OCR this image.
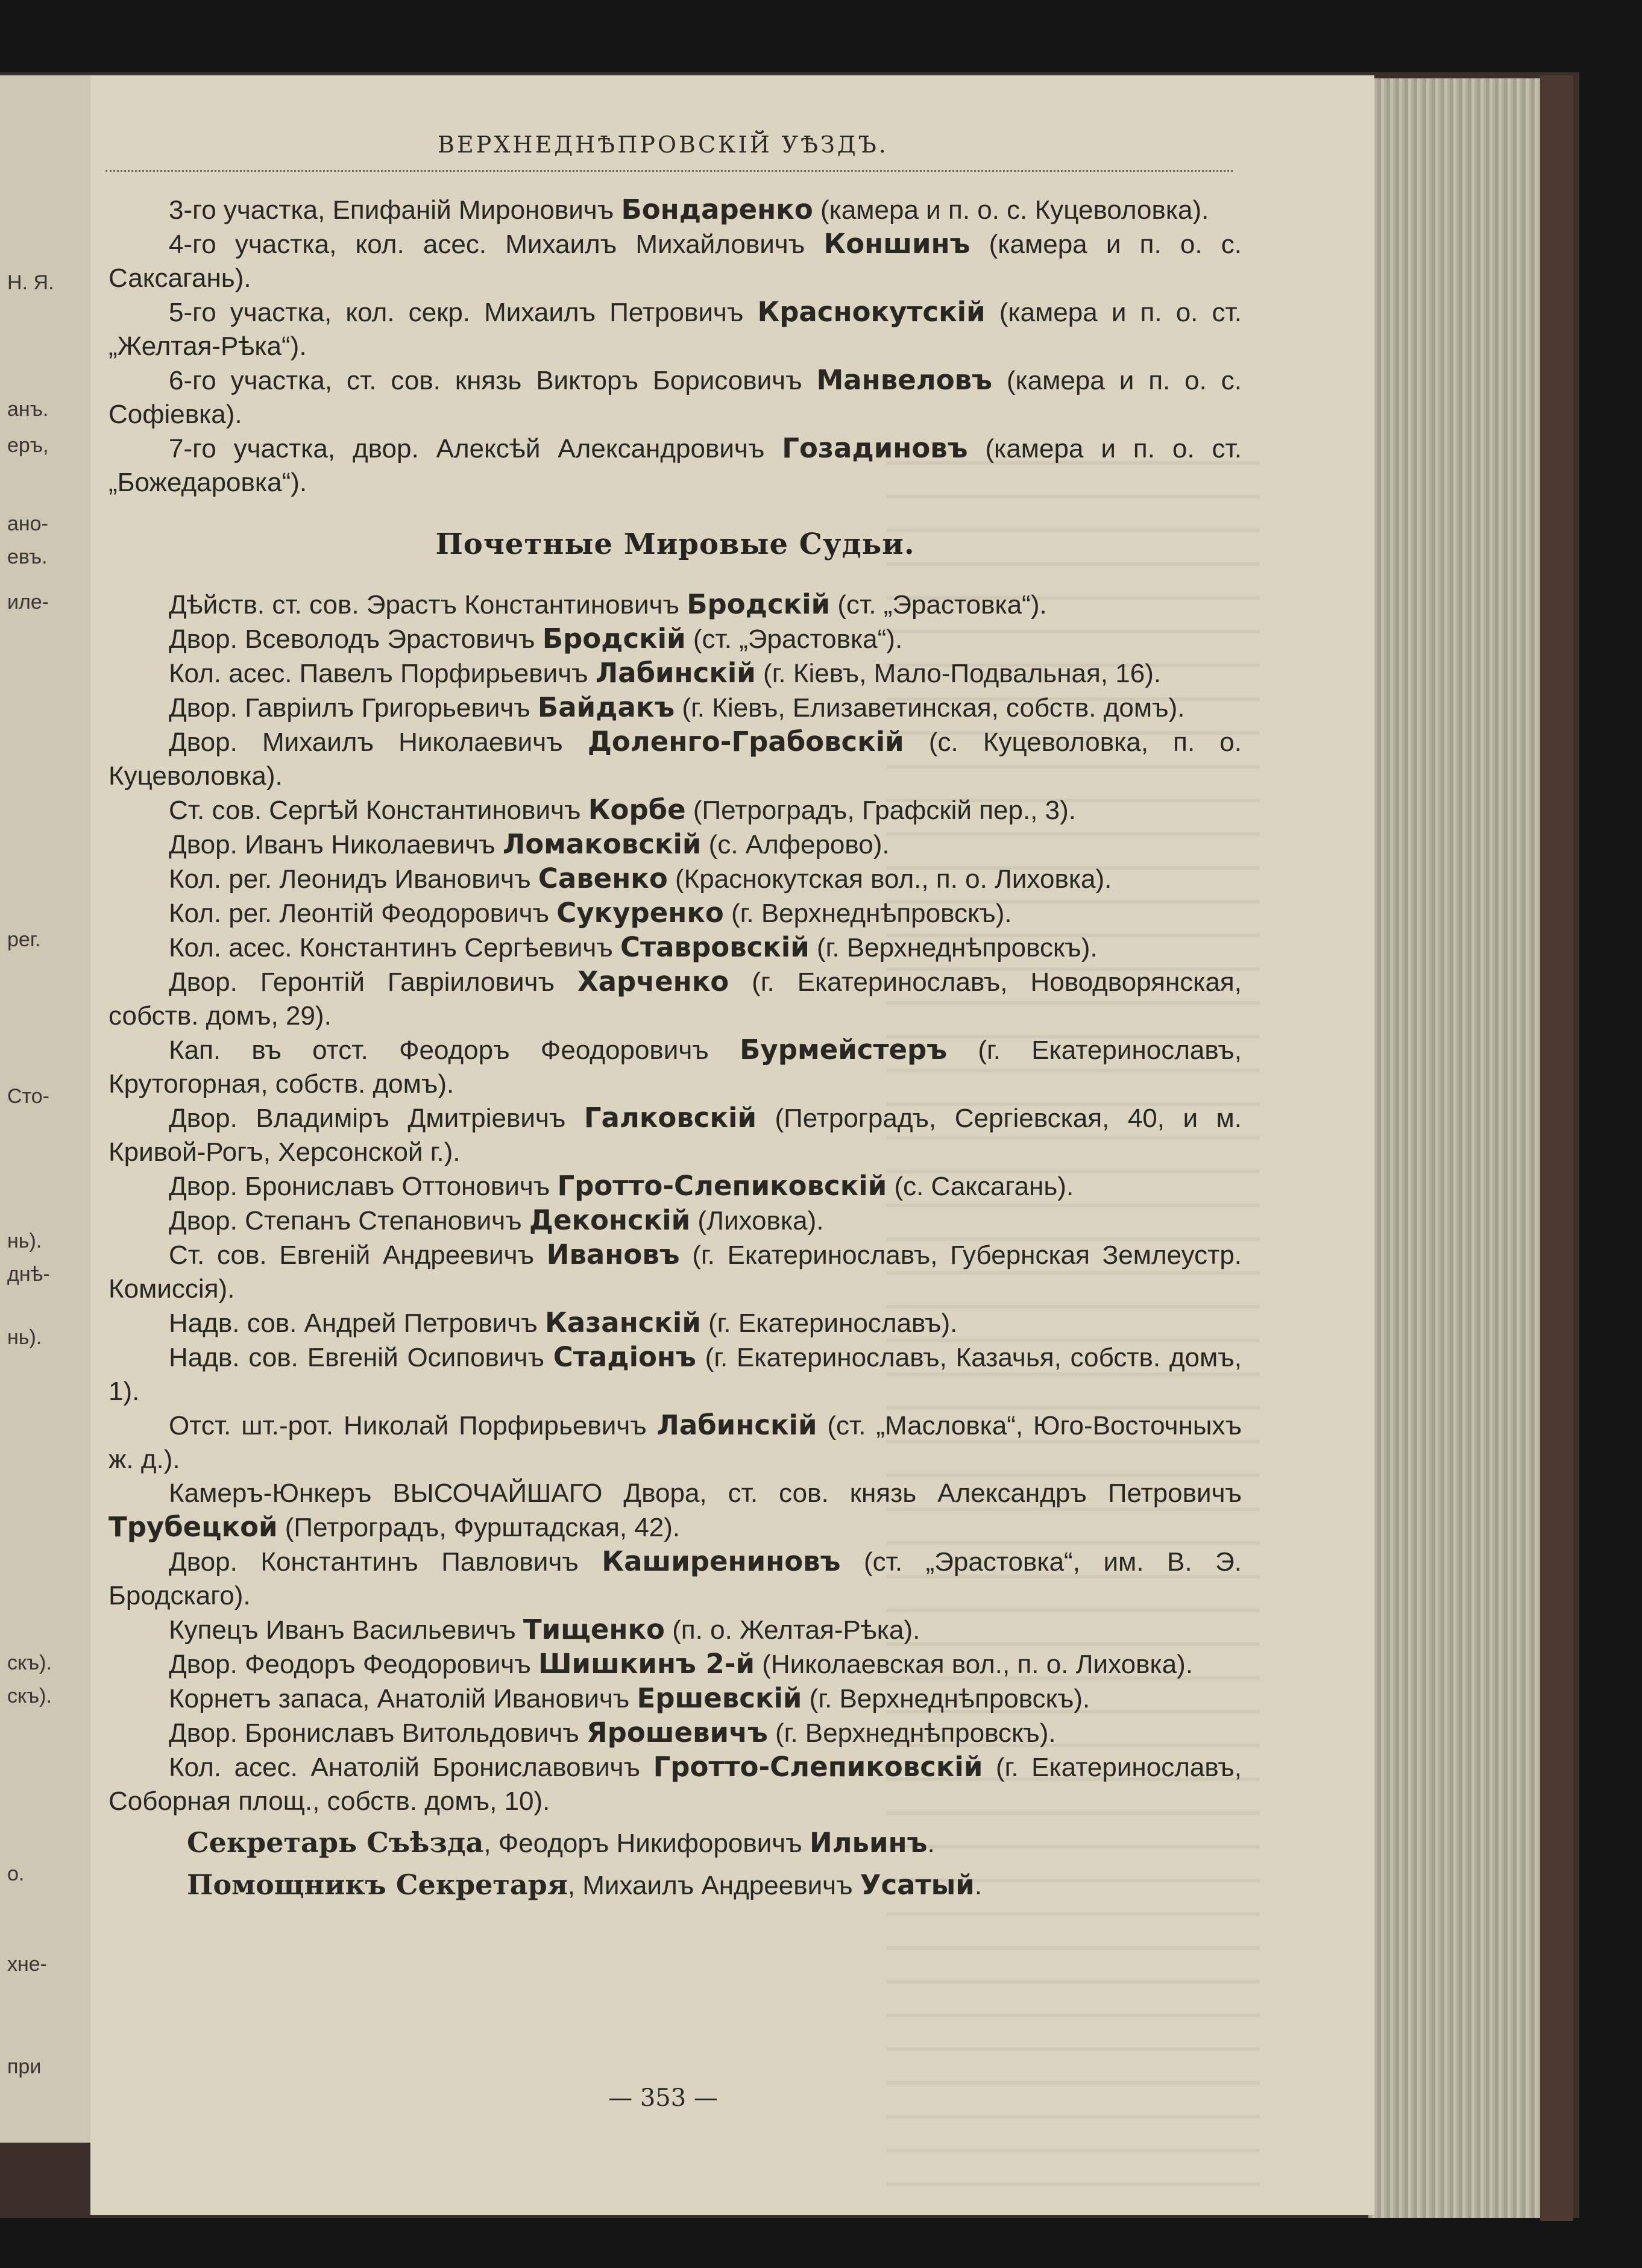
Н. Я.
анъ.
еръ,
ано-
евъ.
иле-
рег.
Сто-
нь).
днѣ-
нь).
скъ).
скъ).
о.
хне-
при
ВЕРХНЕДНѢПРОВСКІЙ УѢЗДЪ.

3-го участка, Епифаній Мироновичъ Бондаренко (камера и п. о. с. Куцеволовка).

4-го участка, кол. асес. Михаилъ Михайловичъ Коншинъ (камера и п. о. с. Саксагань).

5-го участка, кол. секр. Михаилъ Петровичъ Краснокутскій (камера и п. о. ст. „Желтая-Рѣка“).

6-го участка, ст. сов. князь Викторъ Борисовичъ Манвеловъ (камера и п. о. с. Софіевка).

7-го участка, двор. Алексѣй Александровичъ Гозадиновъ (камера и п. о. ст. „Божедаровка“).

Почетные Мировые Судьи.

Дѣйств. ст. сов. Эрастъ Константиновичъ Бродскій (ст. „Эрастовка“).

Двор. Всеволодъ Эрастовичъ Бродскій (ст. „Эрастовка“).

Кол. асес. Павелъ Порфирьевичъ Лабинскій (г. Кіевъ, Мало-Подвальная, 16).

Двор. Гавріилъ Григорьевичъ Байдакъ (г. Кіевъ, Елизаветинская, собств. домъ).

Двор. Михаилъ Николаевичъ Доленго-Грабовскій (с. Куцеволовка, п. о. Куцеволовка).

Ст. сов. Сергѣй Константиновичъ Корбе (Петроградъ, Графскій пер., 3).

Двор. Иванъ Николаевичъ Ломаковскій (с. Алферово).

Кол. рег. Леонидъ Ивановичъ Савенко (Краснокутская вол., п. о. Лиховка).

Кол. рег. Леонтій Феодоровичъ Сукуренко (г. Верхнеднѣпровскъ).

Кол. асес. Константинъ Сергѣевичъ Ставровскій (г. Верхнеднѣпровскъ).

Двор. Геронтій Гавріиловичъ Харченко (г. Екатеринославъ, Новодворянская, собств. домъ, 29).

Кап. въ отст. Феодоръ Феодоровичъ Бурмейстеръ (г. Екатеринославъ, Крутогорная, собств. домъ).

Двор. Владиміръ Дмитріевичъ Галковскій (Петроградъ, Сергіевская, 40, и м. Кривой-Рогъ, Херсонской г.).

Двор. Брониславъ Оттоновичъ Гротто-Слепиковскій (с. Саксагань).

Двор. Степанъ Степановичъ Деконскій (Лиховка).

Ст. сов. Евгеній Андреевичъ Ивановъ (г. Екатеринославъ, Губернская Землеустр. Комиссія).

Надв. сов. Андрей Петровичъ Казанскій (г. Екатеринославъ).

Надв. сов. Евгеній Осиповичъ Стадіонъ (г. Екатеринославъ, Казачья, собств. домъ, 1).

Отст. шт.-рот. Николай Порфирьевичъ Лабинскій (ст. „Масловка“, Юго-Восточныхъ ж. д.).

Камеръ-Юнкеръ ВЫСОЧАЙШАГО Двора, ст. сов. князь Александръ Петровичъ Трубецкой (Петроградъ, Фурштадская, 42).

Двор. Константинъ Павловичъ Каширениновъ (ст. „Эрастовка“, им. В. Э. Бродскаго).

Купецъ Иванъ Васильевичъ Тищенко (п. о. Желтая-Рѣка).

Двор. Феодоръ Феодоровичъ Шишкинъ 2-й (Николаевская вол., п. о. Лиховка).

Корнетъ запаса, Анатолій Ивановичъ Ершевскій (г. Верхнеднѣпровскъ).

Двор. Брониславъ Витольдовичъ Ярошевичъ (г. Верхнеднѣпровскъ).

Кол. асес. Анатолій Брониславовичъ Гротто-Слепиковскій (г. Екатеринославъ, Соборная площ., собств. домъ, 10).

Секретарь Съѣзда, Феодоръ Никифоровичъ Ильинъ.

Помощникъ Секретаря, Михаилъ Андреевичъ Усатый.

— 353 —
